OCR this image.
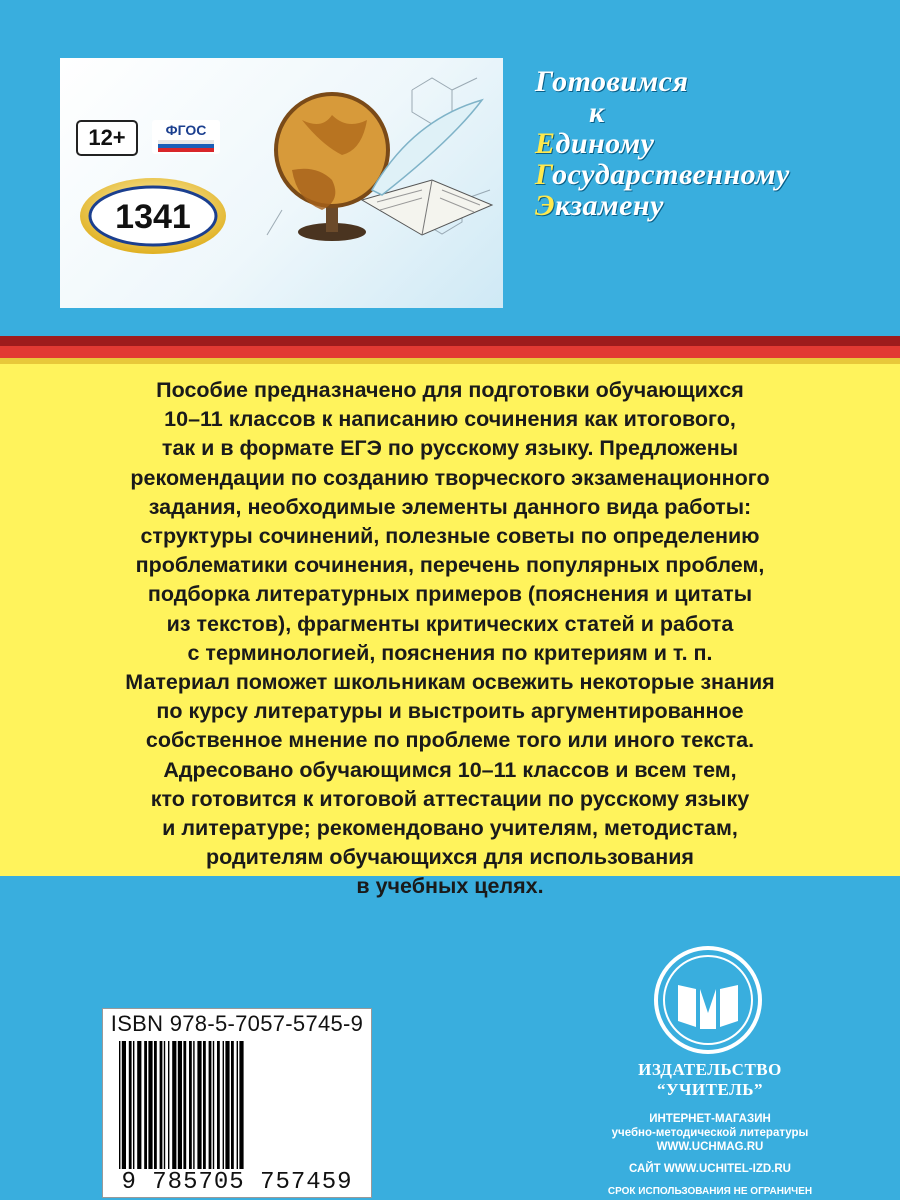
12+	ФГОС
1341
Готовимся
к
Единому
Государственному
Экзамену
Пособие предназначено для подготовки обучающихся
10–11 классов к написанию сочинения как итогового,
так и в формате ЕГЭ по русскому языку. Предложены
рекомендации по созданию творческого экзаменационного
задания, необходимые элементы данного вида работы:
структуры сочинений, полезные советы по определению
проблематики сочинения, перечень популярных проблем,
подборка литературных примеров (пояснения и цитаты
из текстов), фрагменты критических статей и работа
с терминологией, пояснения по критериям и т. п.
Материал поможет школьникам освежить некоторые знания
по курсу литературы и выстроить аргументированное
собственное мнение по проблеме того или иного текста.
Адресовано обучающимся 10–11 классов и всем тем,
кто готовится к итоговой аттестации по русскому языку
и литературе; рекомендовано учителям, методистам,
родителям обучающихся для использования
в учебных целях.
ISBN 978-5-7057-5745-9
9 785705 757459
ИЗДАТЕЛЬСТВО
“УЧИТЕЛЬ”
ИНТЕРНЕТ-МАГАЗИН
учебно-методической литературы
WWW.UCHMAG.RU
САЙТ WWW.UCHITEL-IZD.RU
СРОК ИСПОЛЬЗОВАНИЯ НЕ ОГРАНИЧЕН
